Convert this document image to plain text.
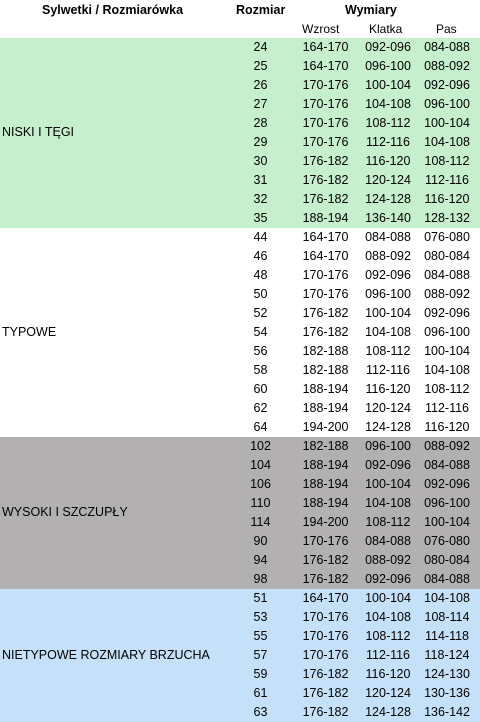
Sylwetki / Rozmiarówka	Rozmiar	Wymiary
Wzrost Klatka	Pas
NISKI I TĘGI
24	164-170	092-096	084-088
25	164-170	096-100	088-092
26	170-176	100-104	092-096
27	170-176	104-108	096-100
28	170-176	108-112	100-104
29	170-176	112-116	104-108
30	176-182	116-120	108-112
31	176-182	120-124	112-116
32	176-182	124-128	116-120
35	188-194	136-140	128-132
TYPOWE
44	164-170	084-088	076-080
46	164-170	088-092	080-084
48	170-176	092-096	084-088
50	170-176	096-100	088-092
52	176-182	100-104	092-096
54	176-182	104-108	096-100
56	182-188	108-112	100-104
58	182-188	112-116	104-108
60	188-194	116-120	108-112
62	188-194	120-124	112-116
64	194-200	124-128	116-120
WYSOKI I SZCZUPŁY
102	182-188	096-100	088-092
104	188-194	092-096	084-088
106	188-194	100-104	092-096
110	188-194	104-108	096-100
114	194-200	108-112	100-104
90	170-176	084-088	076-080
94	176-182	088-092	080-084
98	176-182	092-096	084-088
NIETYPOWE ROZMIARY BRZUCHA
51	164-170	100-104	104-108
53	170-176	104-108	108-114
55	170-176	108-112	114-118
57	170-176	112-116	118-124
59	176-182	116-120	124-130
61	176-182	120-124	130-136
63	176-182	124-128	136-142
